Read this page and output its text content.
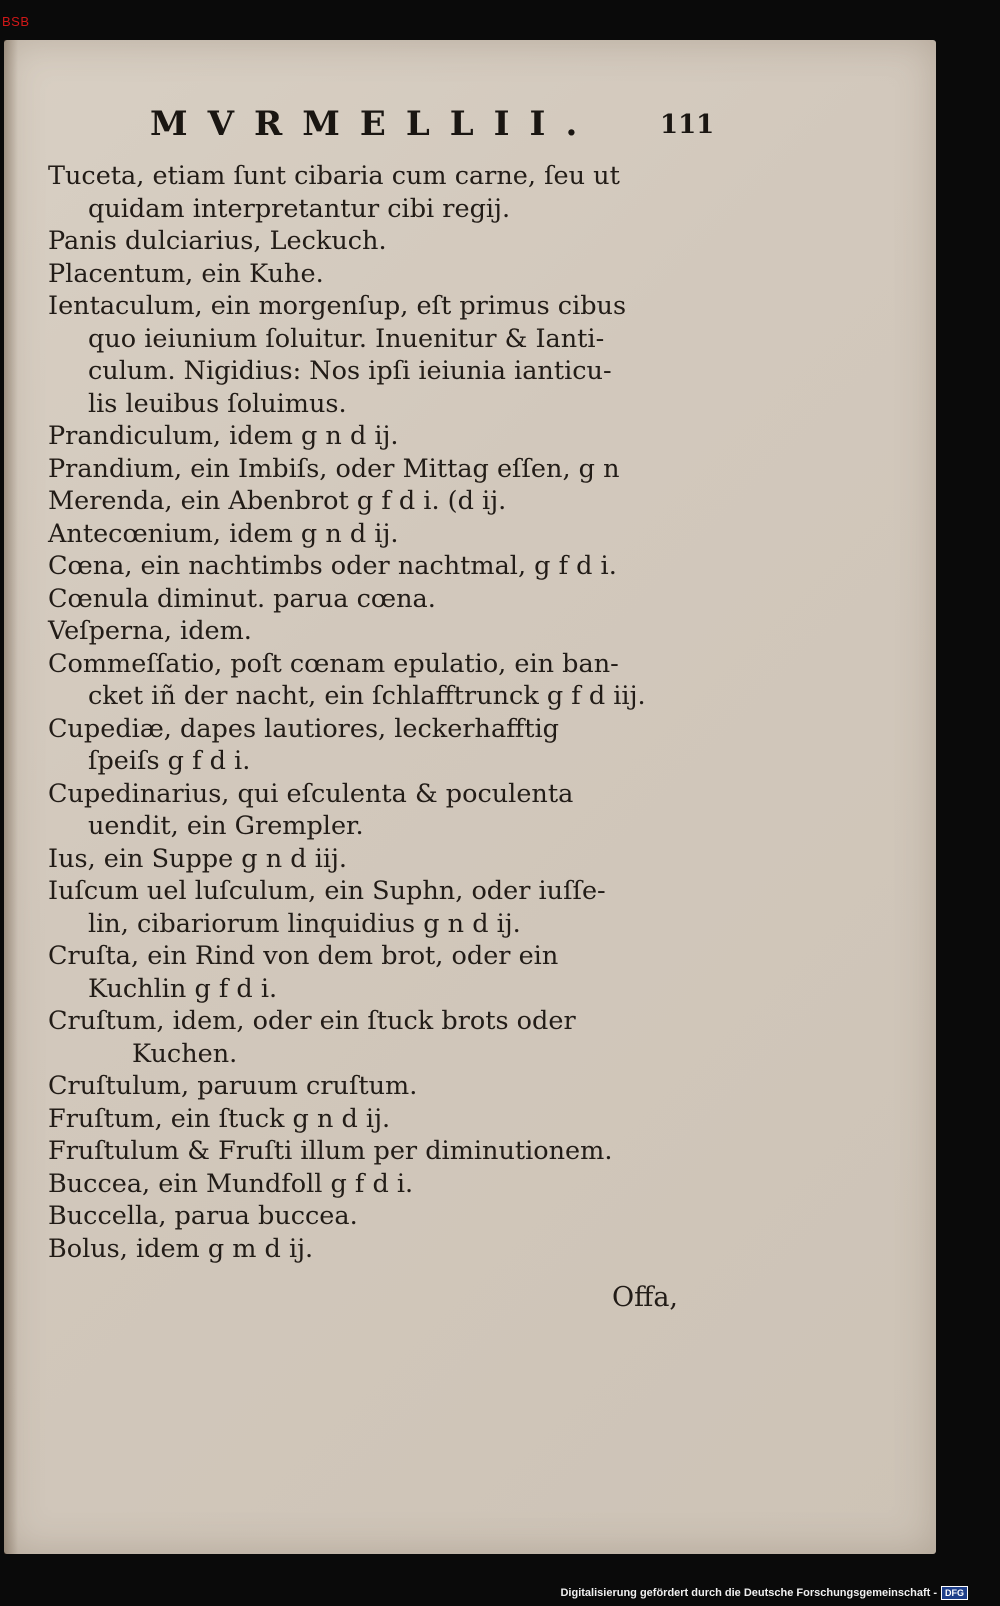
BSB
MVRMELLII. 111
Tuceta, etiam ſunt cibaria cum carne, ſeu ut
quidam interpretantur cibi regij.
Panis dulciarius, Leckuch.
Placentum, ein Kuhe.
Ientaculum, ein morgenſup, eſt primus cibus
quo ieiunium ſoluitur. Inuenitur & Ianti-
culum. Nigidius: Nos ipſi ieiunia ianticu-
lis leuibus ſoluimus.
Prandiculum, idem g n d ij.
Prandium, ein Imbiſs, oder Mittag eſſen, g n
Merenda, ein Abenbrot g f d i. (d ij.
Antecœnium, idem g n d ij.
Cœna, ein nachtimbs oder nachtmal, g f d i.
Cœnula diminut. parua cœna.
Veſperna, idem.
Commeſſatio, poſt cœnam epulatio, ein ban-
cket iñ der nacht, ein ſchlafftrunck g f d iij.
Cupediæ, dapes lautiores, leckerhafftig
ſpeiſs g f d i.
Cupedinarius, qui eſculenta & poculenta
uendit, ein Grempler.
Ius, ein Suppe g n d iij.
Iuſcum uel luſculum, ein Suphn, oder iuſſe-
lin, cibariorum linquidius g n d ij.
Cruſta, ein Rind von dem brot, oder ein
Kuchlin g f d i.
Cruſtum, idem, oder ein ſtuck brots oder
Kuchen.
Cruſtulum, paruum cruſtum.
Fruſtum, ein ſtuck g n d ij.
Fruſtulum & Fruſti illum per diminutionem.
Buccea, ein Mundfoll g f d i.
Buccella, parua buccea.
Bolus, idem g m d ij.
Offa,
Digitalisierung gefördert durch die Deutsche Forschungsgemeinschaft - DFG
